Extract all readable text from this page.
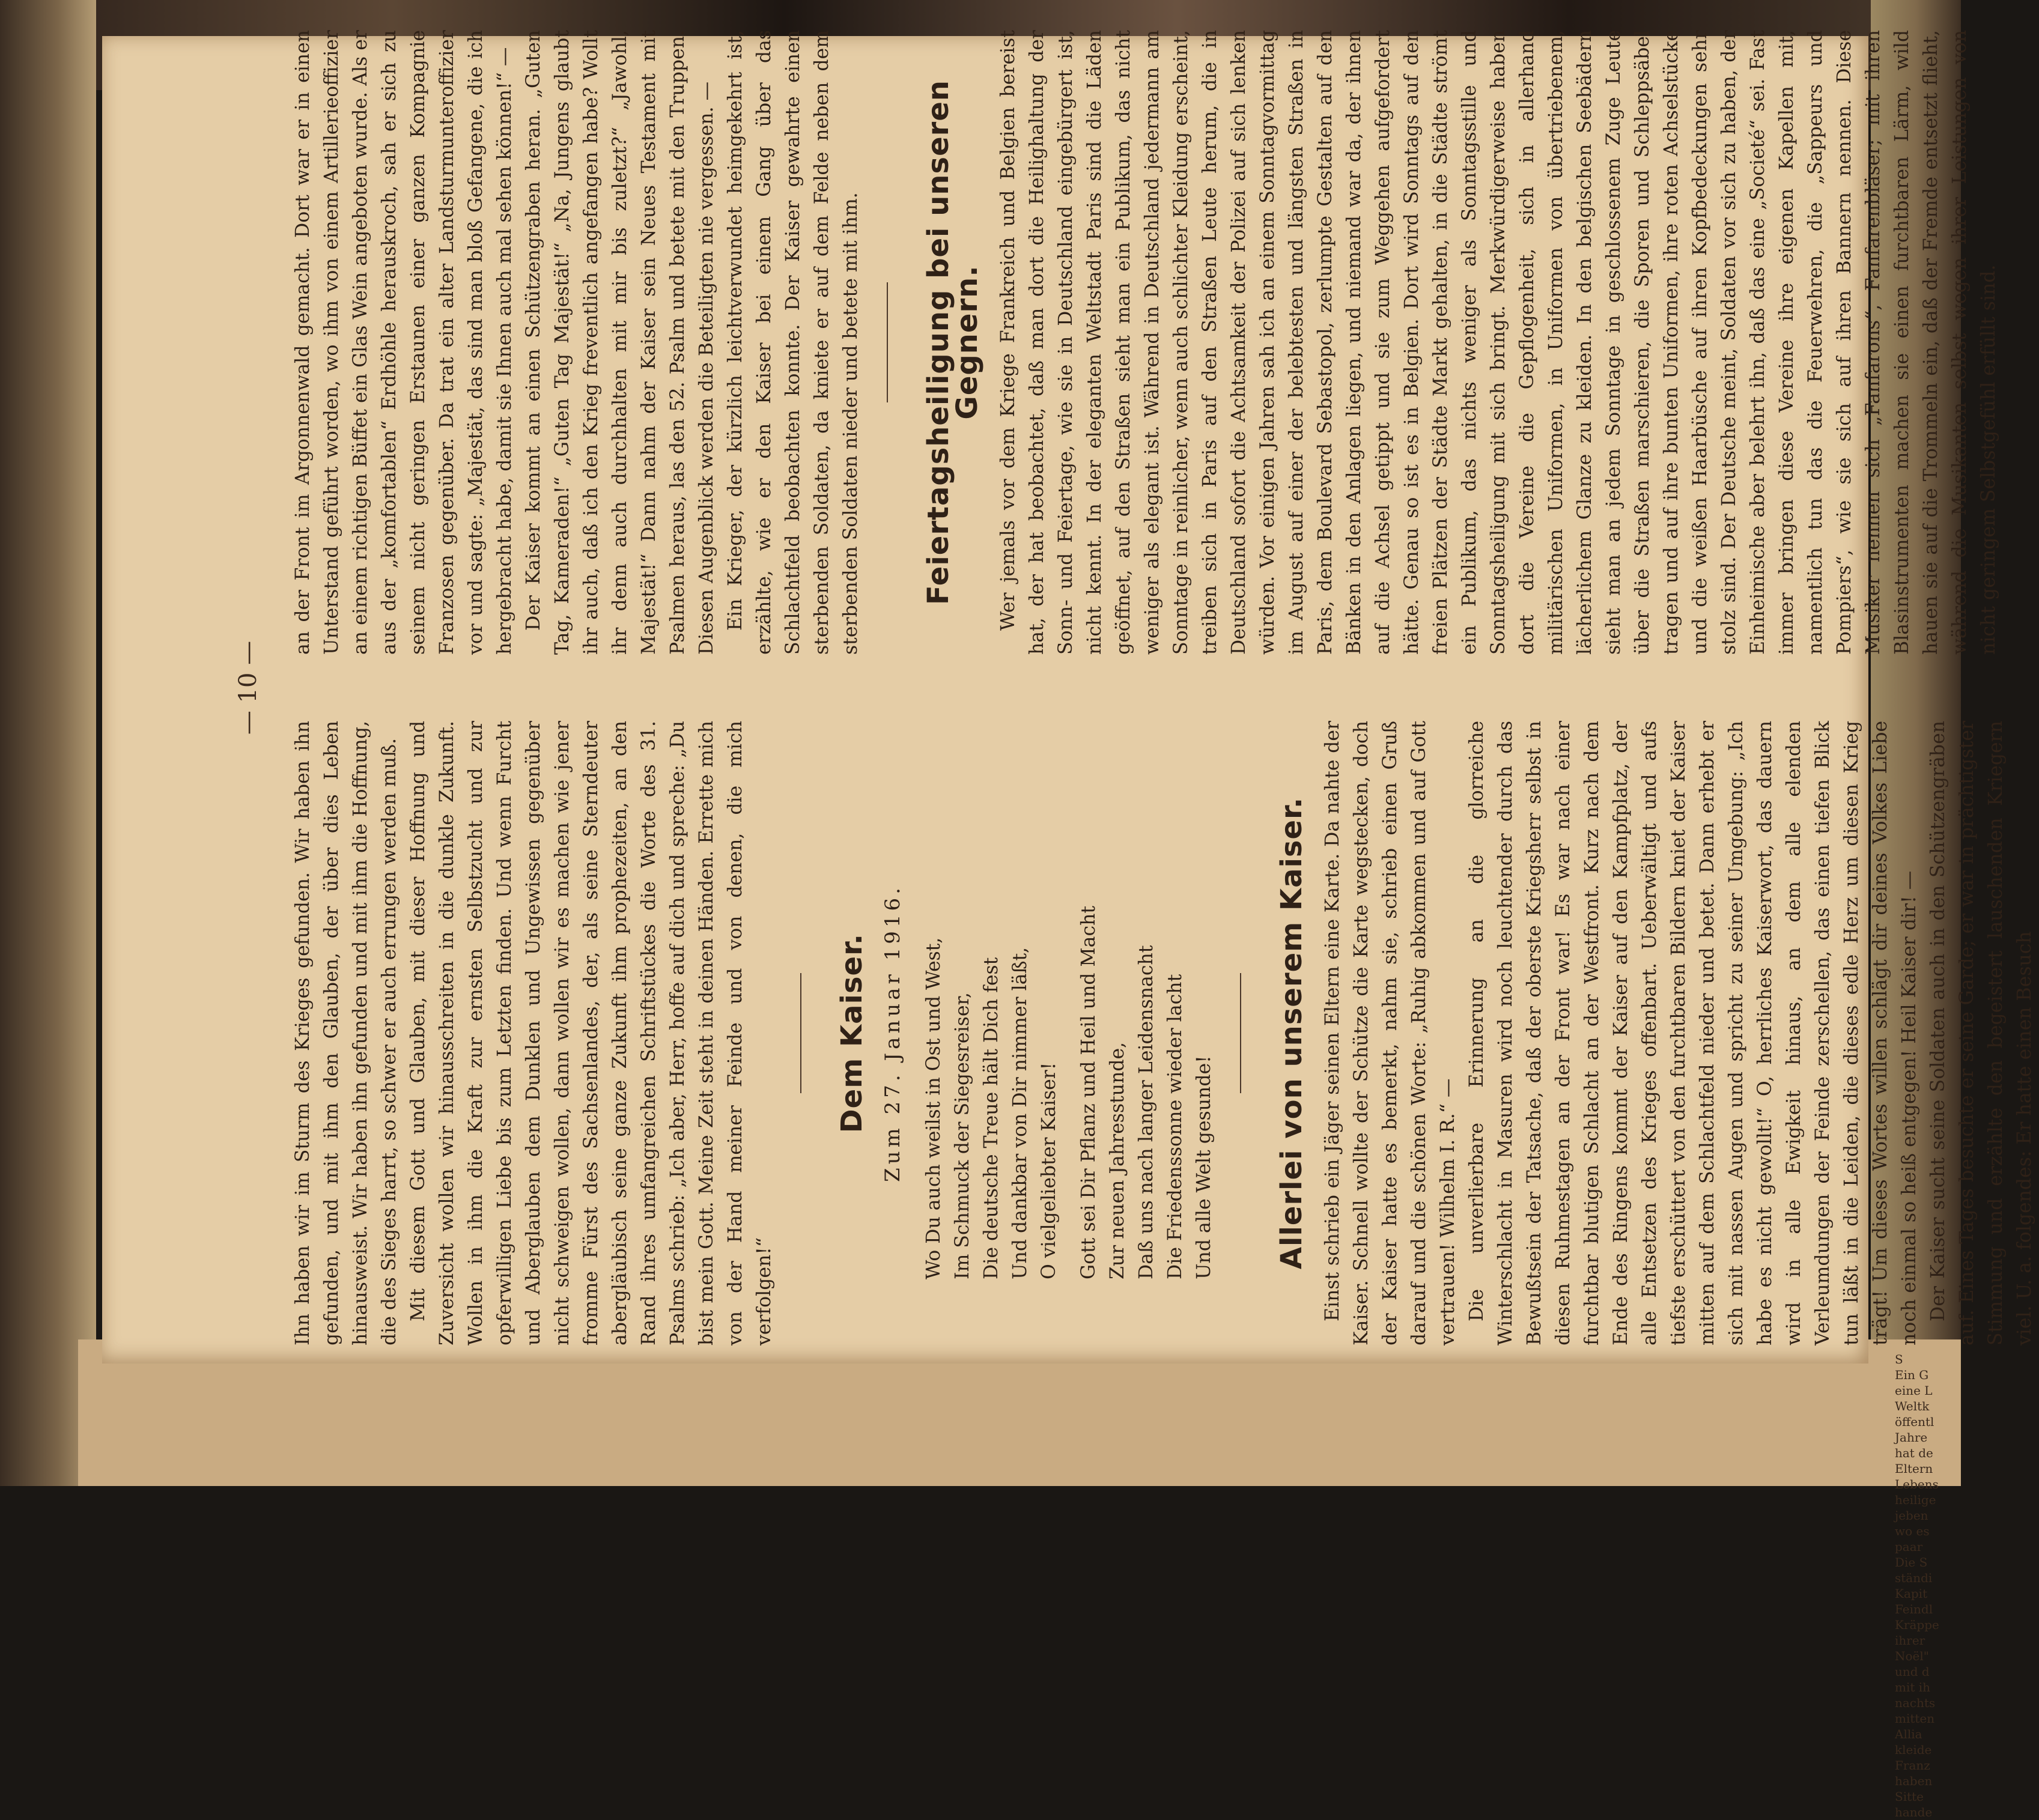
S
Ein G
eine L
Weltk
öffentl
Jahre
hat de
Eltern
Lebens
heilige
jeben
wo es
paar
Die S
ständi
Kapit
Feindl
Kräppe
ihrer
Noël"
und d
mit ih
nachts
mitten
Allia
kleide
Franz
haben
Sitte
hande
— 10 —

Ihn haben wir im Sturm des Krieges gefunden. Wir haben ihn gefunden, und mit ihm den Glauben, der über dies Leben hinausweist. Wir haben ihn gefunden und mit ihm die Hoffnung, die des Sieges harrt, so schwer er auch errungen werden muß. Mit diesem Gott und Glauben, mit dieser Hoffnung und Zuversicht wollen wir hinausschreiten in die dunkle Zukunft. Wollen in ihm die Kraft zur ernsten Selbstzucht und zur opferwilligen Liebe bis zum Letzten finden. Und wenn Furcht und Aberglauben dem Dunklen und Ungewissen gegenüber nicht schweigen wollen, dann wollen wir es machen wie jener fromme Fürst des Sachsenlandes, der, als seine Sterndeuter abergläubisch seine ganze Zukunft ihm prophezeiten, an den Rand ihres umfangreichen Schriftstückes die Worte des 31. Psalms schrieb: „Ich aber, Herr, hoffe auf dich und spreche: „Du bist mein Gott. Meine Zeit steht in deinen Händen. Errette mich von der Hand meiner Feinde und von denen, die mich verfolgen!“

Dem Kaiser. Zum 27. Januar 1916. Wo Du auch weilst in Ost und West, Im Schmuck der Siegesreiser, Die deutsche Treue hält Dich fest Und dankbar von Dir nimmer läßt, O vielgeliebter Kaiser! Gott sei Dir Pflanz und Heil und Macht Zur neuen Jahresstunde, Daß uns nach langer Leidensnacht Die Friedenssonne wieder lacht Und alle Welt gesunde! Allerlei von unserem Kaiser. Einst schrieb ein Jäger seinen Eltern eine Karte. Da nahte der Kaiser. Schnell wollte der Schütze die Karte wegstecken, doch der Kaiser hatte es bemerkt, nahm sie, schrieb einen Gruß darauf und die schönen Worte: „Ruhig abkommen und auf Gott vertrauen! Wilhelm I. R.“ — Die unverlierbare Erinnerung an die glorreiche Winterschlacht in Masuren wird noch leuchtender durch das Bewußtsein der Tatsache, daß der oberste Kriegsherr selbst in diesen Ruhmestagen an der Front war! Es war nach einer furchtbar blutigen Schlacht an der Westfront. Kurz nach dem Ende des Ringens kommt der Kaiser auf den Kampfplatz, der alle Entsetzen des Krieges offenbart. Ueberwältigt und aufs tiefste erschüttert von den furchtbaren Bildern kniet der Kaiser mitten auf dem Schlachtfeld nieder und betet. Dann erhebt er sich mit nassen Augen und spricht zu seiner Umgebung: „Ich habe es nicht gewollt!“ O, herrliches Kaiserwort, das dauern wird in alle Ewigkeit hinaus, an dem alle elenden Verleumdungen der Feinde zerschellen, das einen tiefen Blick tun läßt in die Leiden, die dieses edle Herz um diesen Krieg trägt! Um dieses Wortes willen schlägt dir deines Volkes Liebe noch einmal so heiß entgegen! Heil Kaiser dir! — Der Kaiser sucht seine Soldaten auch in den Schützengräben auf. Eines Tages besuchte er seine Garde; er war in prächtigster Stimmung und erzählte den begeistert lauschenden Kriegern viel. U. a. folgendes: Er hatte einen Besuch

an der Front im Argonnenwald gemacht. Dort war er in einen Unterstand geführt worden, wo ihm von einem Artillerieoffizier an einem richtigen Büffet ein Glas Wein angeboten wurde. Als er aus der „komfortablen“ Erdhöhle herauskroch, sah er sich zu seinem nicht geringen Erstaunen einer ganzen Kompagnie Franzosen gegenüber. Da trat ein alter Landsturmunteroffizier vor und sagte: „Majestät, das sind man bloß Gefangene, die ich hergebracht habe, damit sie Ihnen auch mal sehen können!“ — Der Kaiser kommt an einen Schützengraben heran. „Guten Tag, Kameraden!“ „Guten Tag Majestät!“ „Na, Jungens glaubt ihr auch, daß ich den Krieg freventlich angefangen habe? Wollt ihr denn auch durchhalten mit mir bis zuletzt?“ „Jawohl, Majestät!“ Dann nahm der Kaiser sein Neues Testament mit Psalmen heraus, las den 52. Psalm und betete mit den Truppen. Diesen Augenblick werden die Beteiligten nie vergessen. — Ein Krieger, der kürzlich leichtverwundet heimgekehrt ist, erzählte, wie er den Kaiser bei einem Gang über das Schlachtfeld beobachten konnte. Der Kaiser gewahrte einen sterbenden Soldaten, da kniete er auf dem Felde neben dem sterbenden Soldaten nieder und betete mit ihm. Feiertagsheiligung bei unseren Gegnern. Wer jemals vor dem Kriege Frankreich und Belgien bereist hat, der hat beobachtet, daß man dort die Heilighaltung der Sonn- und Feiertage, wie sie in Deutschland eingebürgert ist, nicht kennt. In der eleganten Weltstadt Paris sind die Läden geöffnet, auf den Straßen sieht man ein Publikum, das nicht weniger als elegant ist. Während in Deutschland jedermann am Sonntage in reinlicher, wenn auch schlichter Kleidung erscheint, treiben sich in Paris auf den Straßen Leute herum, die in Deutschland sofort die Achtsamkeit der Polizei auf sich lenken würden. Vor einigen Jahren sah ich an einem Sonntagvormittag im August auf einer der belebtesten und längsten Straßen in Paris, dem Boulevard Sebastopol, zerlumpte Gestalten auf den Bänken in den Anlagen liegen, und niemand war da, der ihnen auf die Achsel getippt und sie zum Weggehen aufgefordert hätte. Genau so ist es in Belgien. Dort wird Sonntags auf den freien Plätzen der Städte Markt gehalten, in die Städte strömt ein Publikum, das nichts weniger als Sonntagsstille und Sonntagsheiligung mit sich bringt. Merkwürdigerweise haben dort die Vereine die Gepflogenheit, sich in allerhand militärischen Uniformen, in Uniformen von übertriebenem, lächerlichem Glanze zu kleiden. In den belgischen Seebädern sieht man an jedem Sonntage in geschlossenem Zuge Leute über die Straßen marschieren, die Sporen und Schleppsäbel tragen und auf ihre bunten Uniformen, ihre roten Achselstücke und die weißen Haarbüsche auf ihren Kopfbedeckungen sehr stolz sind. Der Deutsche meint, Soldaten vor sich zu haben, der Einheimische aber belehrt ihn, daß das eine „Societé“ sei. Fast immer bringen diese Vereine ihre eigenen Kapellen mit, namentlich tun das die Feuerwehren, die „Sappeurs und Pompiers“, wie sie sich auf ihren Bannern nennen. Diese Musiker nennen sich „Fanfarons“, Fanfarenbläser; mit ihren Blasinstrumenten machen sie einen furchtbaren Lärm, wild hauen sie auf die Trommeln ein, daß der Fremde entsetzt flieht, während die Musikanten selbst wegen ihrer Leistungen von nicht geringem Selbstgefühl erfüllt sind.
